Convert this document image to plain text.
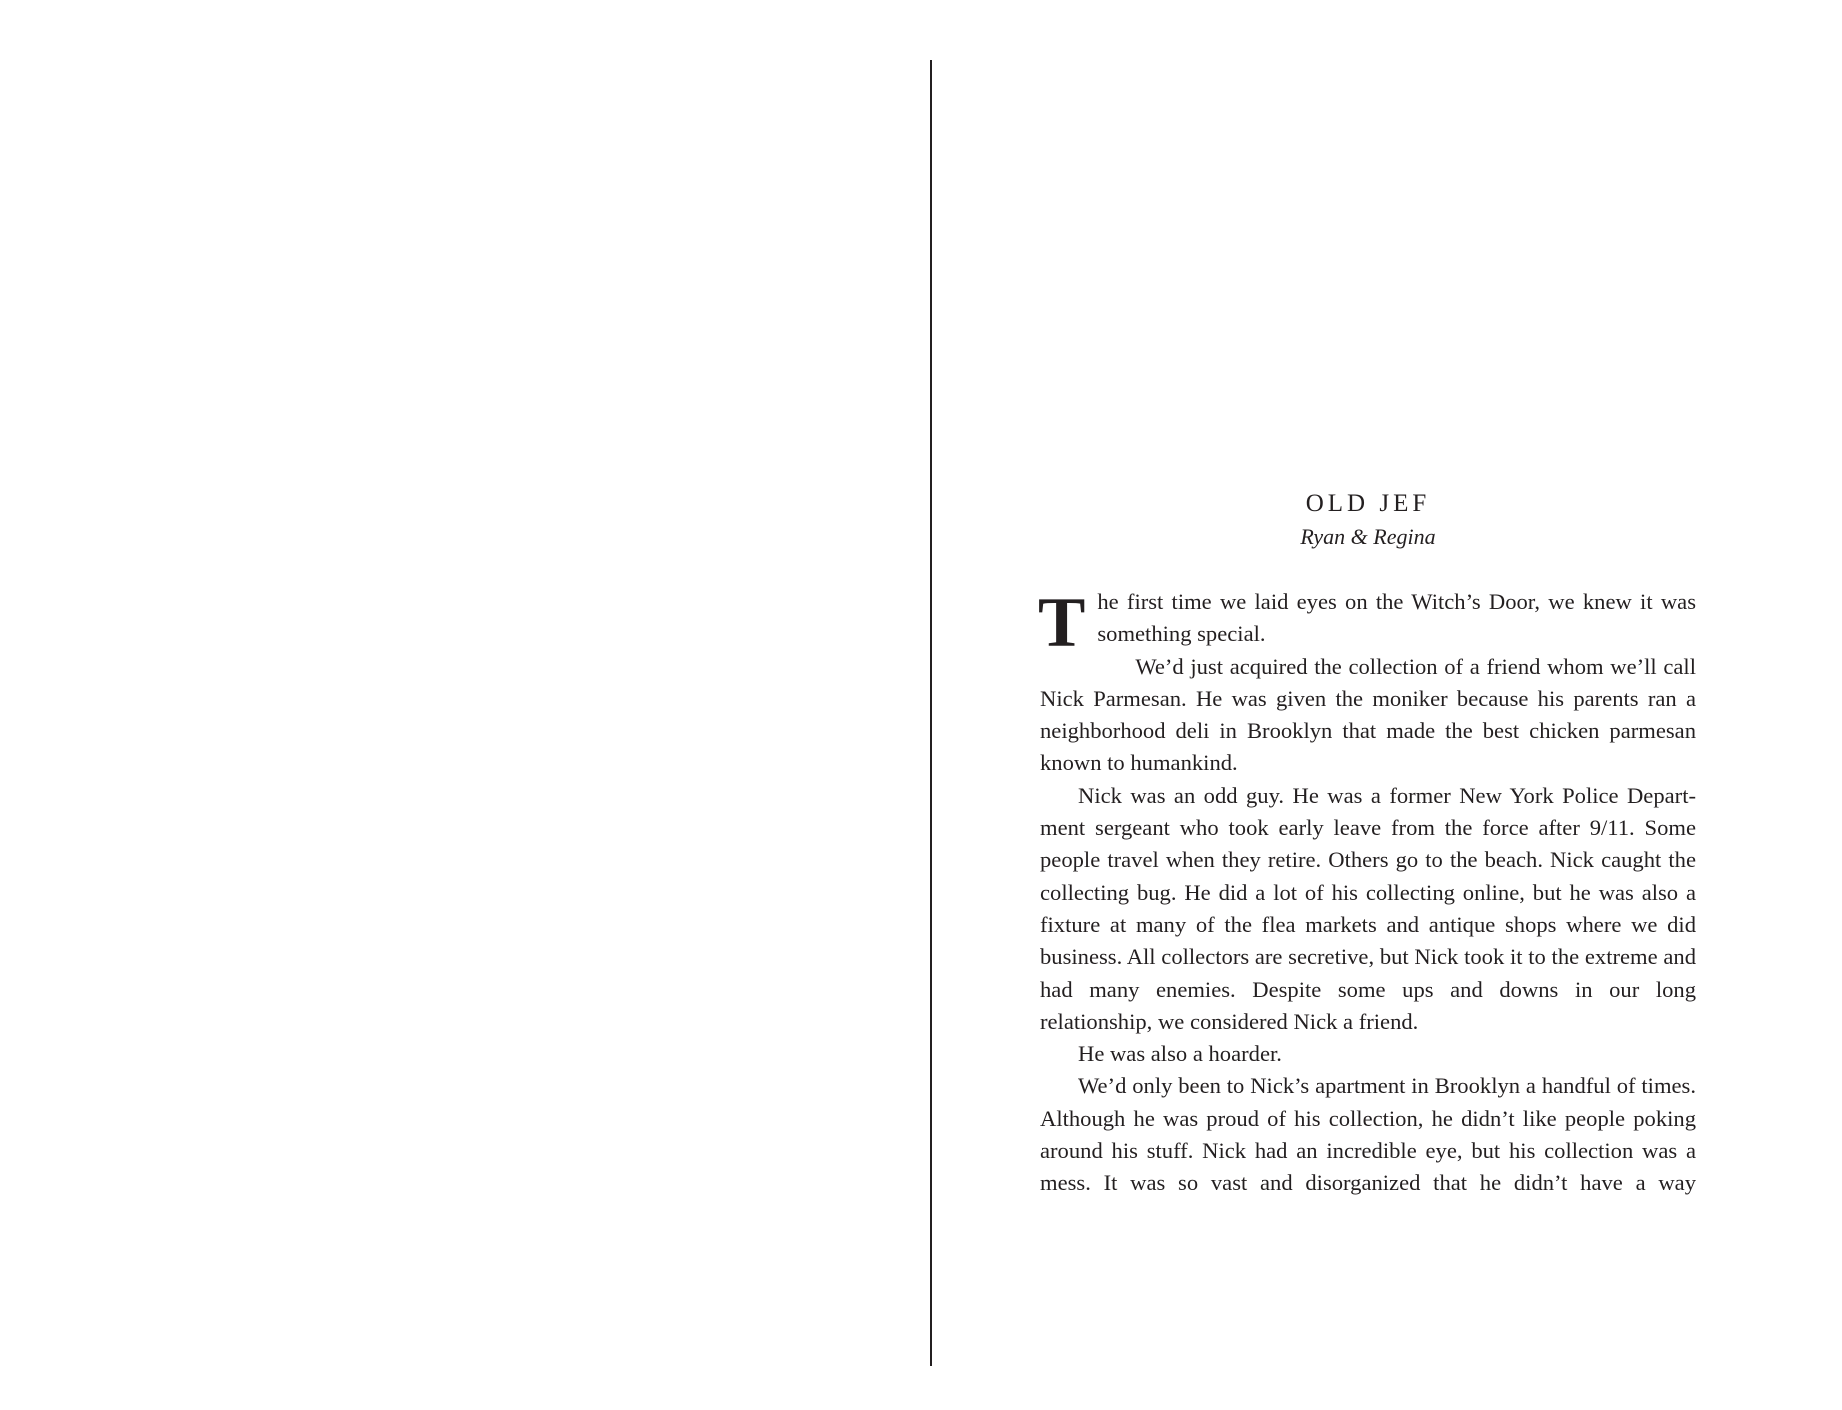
OLD JEF
Ryan & Regina

The first time we laid eyes on the Witch’s Door, we knew it was something special.

We’d just acquired the collection of a friend whom we’ll call Nick Parmesan. He was given the moniker because his parents ran a neighborhood deli in Brooklyn that made the best chicken parmesan known to humankind.

Nick was an odd guy. He was a former New York Police Department sergeant who took early leave from the force after 9/11. Some people travel when they retire. Others go to the beach. Nick caught the collecting bug. He did a lot of his collecting online, but he was also a fixture at many of the flea markets and antique shops where we did business. All collectors are secretive, but Nick took it to the extreme and had many enemies. Despite some ups and downs in our long relationship, we considered Nick a friend.

He was also a hoarder.

We’d only been to Nick’s apartment in Brooklyn a handful of times. Although he was proud of his collection, he didn’t like people poking around his stuff. Nick had an incredible eye, but his collection was a mess. It was so vast and disorganized that he didn’t have a way
